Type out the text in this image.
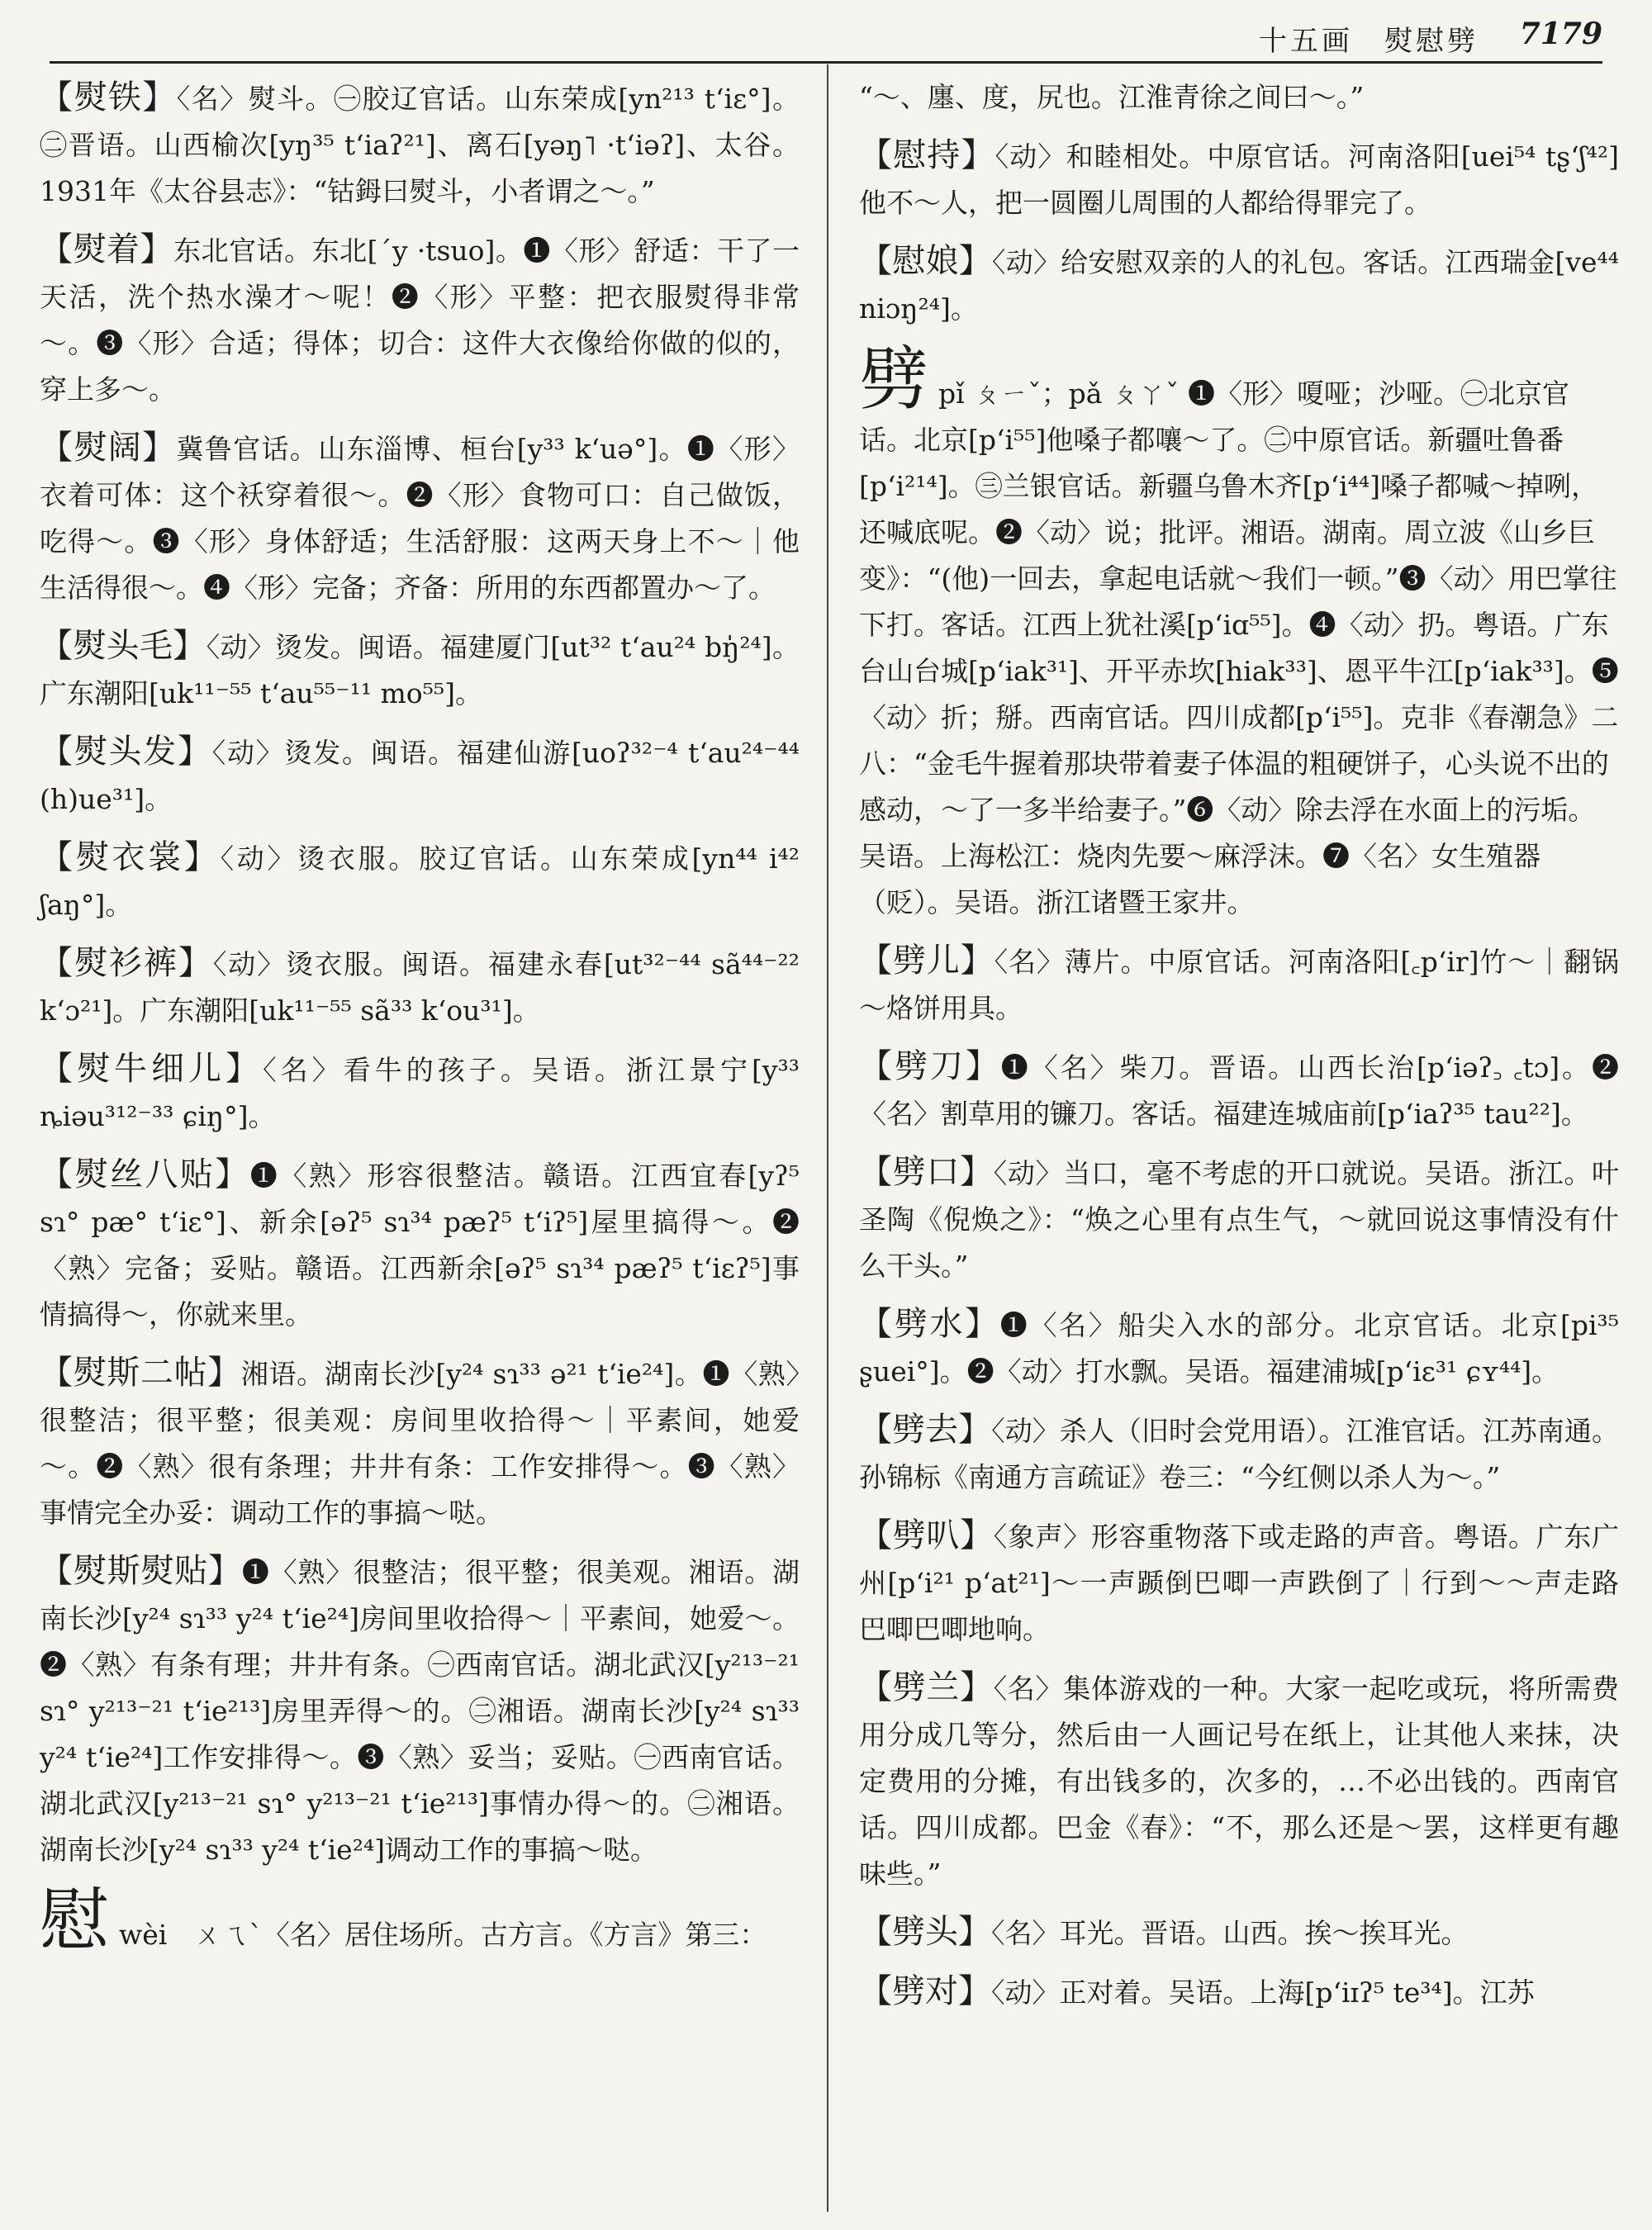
十五画　熨慰劈 7179
【熨铁】〈名〉熨斗。㊀胶辽官话。山东荣成[yn²¹³ t‘iɛ°]。㊁晋语。山西榆次[yŋ³⁵ t‘iaʔ²¹]、离石[yəŋ˥ ·t‘iəʔ]、太谷。1931年《太谷县志》：“钴鉧曰熨斗，小者谓之～。”
【熨着】东北官话。东北[ˊy ·tsuo]。❶〈形〉舒适：干了一天活，洗个热水澡才～呢！❷〈形〉平整：把衣服熨得非常～。❸〈形〉合适；得体；切合：这件大衣像给你做的似的，穿上多～。
【熨阔】冀鲁官话。山东淄博、桓台[y³³ k‘uə°]。❶〈形〉衣着可体：这个袄穿着很～。❷〈形〉食物可口：自己做饭，吃得～。❸〈形〉身体舒适；生活舒服：这两天身上不～｜他生活得很～。❹〈形〉完备；齐备：所用的东西都置办～了。
【熨头毛】〈动〉烫发。闽语。福建厦门[ut³² t‘au²⁴ bŋ̍²⁴]。广东潮阳[uk¹¹⁻⁵⁵ t‘au⁵⁵⁻¹¹ mo⁵⁵]。
【熨头发】〈动〉烫发。闽语。福建仙游[uoʔ³²⁻⁴ t‘au²⁴⁻⁴⁴ (h)ue³¹]。
【熨衣裳】〈动〉烫衣服。胶辽官话。山东荣成[yn⁴⁴ i⁴² ʃaŋ°]。
【熨衫裤】〈动〉烫衣服。闽语。福建永春[ut³²⁻⁴⁴ sã⁴⁴⁻²² k‘ɔ²¹]。广东潮阳[uk¹¹⁻⁵⁵ sã³³ k‘ou³¹]。
【熨牛细儿】〈名〉看牛的孩子。吴语。浙江景宁[y³³ ȵiəu³¹²⁻³³ ɕiŋ°]。
【熨丝八贴】❶〈熟〉形容很整洁。赣语。江西宜春[yʔ⁵ sɿ° pæ° t‘iɛ°]、新余[əʔ⁵ sɿ³⁴ pæʔ⁵ t‘iʔ⁵]屋里搞得～。❷〈熟〉完备；妥贴。赣语。江西新余[əʔ⁵ sɿ³⁴ pæʔ⁵ t‘iɛʔ⁵]事情搞得～，你就来里。
【熨斯二帖】湘语。湖南长沙[y²⁴ sɿ³³ ə²¹ t‘ie²⁴]。❶〈熟〉很整洁；很平整；很美观：房间里收拾得～｜平素间，她爱～。❷〈熟〉很有条理；井井有条：工作安排得～。❸〈熟〉事情完全办妥：调动工作的事搞～哒。
【熨斯熨贴】❶〈熟〉很整洁；很平整；很美观。湘语。湖南长沙[y²⁴ sɿ³³ y²⁴ t‘ie²⁴]房间里收拾得～｜平素间，她爱～。❷〈熟〉有条有理；井井有条。㊀西南官话。湖北武汉[y²¹³⁻²¹ sɿ° y²¹³⁻²¹ t‘ie²¹³]房里弄得～的。㊁湘语。湖南长沙[y²⁴ sɿ³³ y²⁴ t‘ie²⁴]工作安排得～。❸〈熟〉妥当；妥贴。㊀西南官话。湖北武汉[y²¹³⁻²¹ sɿ° y²¹³⁻²¹ t‘ie²¹³]事情办得～的。㊁湘语。湖南长沙[y²⁴ sɿ³³ y²⁴ t‘ie²⁴]调动工作的事搞～哒。
慰wèi　ㄨㄟˋ〈名〉居住场所。古方言。《方言》第三：
“～、廛、度，尻也。江淮青徐之间曰～。”
【慰持】〈动〉和睦相处。中原官话。河南洛阳[uei⁵⁴ tʂ‘ʃ⁴²]他不～人，把一圆圈儿周围的人都给得罪完了。
【慰娘】〈动〉给安慰双亲的人的礼包。客话。江西瑞金[ve⁴⁴ niɔŋ²⁴]。
劈pǐ ㄆㄧˇ；pǎ ㄆㄚˇ ❶〈形〉嗄哑；沙哑。㊀北京官话。北京[p‘i⁵⁵]他嗓子都嚷～了。㊁中原官话。新疆吐鲁番[p‘i²¹⁴]。㊂兰银官话。新疆乌鲁木齐[p‘i⁴⁴]嗓子都喊～掉咧，还喊底呢。❷〈动〉说；批评。湘语。湖南。周立波《山乡巨变》：“(他)一回去，拿起电话就～我们一顿。”❸〈动〉用巴掌往下打。客话。江西上犹社溪[p‘iɑ⁵⁵]。❹〈动〉扔。粤语。广东台山台城[p‘iak³¹]、开平赤坎[hiak³³]、恩平牛江[p‘iak³³]。❺〈动〉折；掰。西南官话。四川成都[p‘i⁵⁵]。克非《春潮急》二八：“金毛牛握着那块带着妻子体温的粗硬饼子，心头说不出的感动，～了一多半给妻子。”❻〈动〉除去浮在水面上的污垢。吴语。上海松江：烧肉先要～麻浮沫。❼〈名〉女生殖器（贬）。吴语。浙江诸暨王家井。
【劈儿】〈名〉薄片。中原官话。河南洛阳[꜀p‘ir]竹～｜翻锅～烙饼用具。
【劈刀】❶〈名〉柴刀。晋语。山西长治[p‘iəʔ꜆ ꜀tɔ]。❷〈名〉割草用的镰刀。客话。福建连城庙前[p‘iaʔ³⁵ tau²²]。
【劈口】〈动〉当口，毫不考虑的开口就说。吴语。浙江。叶圣陶《倪焕之》：“焕之心里有点生气，～就回说这事情没有什么干头。”
【劈水】❶〈名〉船尖入水的部分。北京官话。北京[pi³⁵ ʂuei°]。❷〈动〉打水飘。吴语。福建浦城[p‘iɛ³¹ ɕʏ⁴⁴]。
【劈去】〈动〉杀人（旧时会党用语）。江淮官话。江苏南通。孙锦标《南通方言疏证》卷三：“今红侧以杀人为～。”
【劈叭】〈象声〉形容重物落下或走路的声音。粤语。广东广州[p‘i²¹ p‘at²¹]～一声踬倒巴唧一声跌倒了｜行到～～声走路巴唧巴唧地响。
【劈兰】〈名〉集体游戏的一种。大家一起吃或玩，将所需费用分成几等分，然后由一人画记号在纸上，让其他人来抹，决定费用的分摊，有出钱多的，次多的，…不必出钱的。西南官话。四川成都。巴金《春》：“不，那么还是～罢，这样更有趣味些。”
【劈头】〈名〉耳光。晋语。山西。挨～挨耳光。
【劈对】〈动〉正对着。吴语。上海[p‘iɪʔ⁵ te³⁴]。江苏
